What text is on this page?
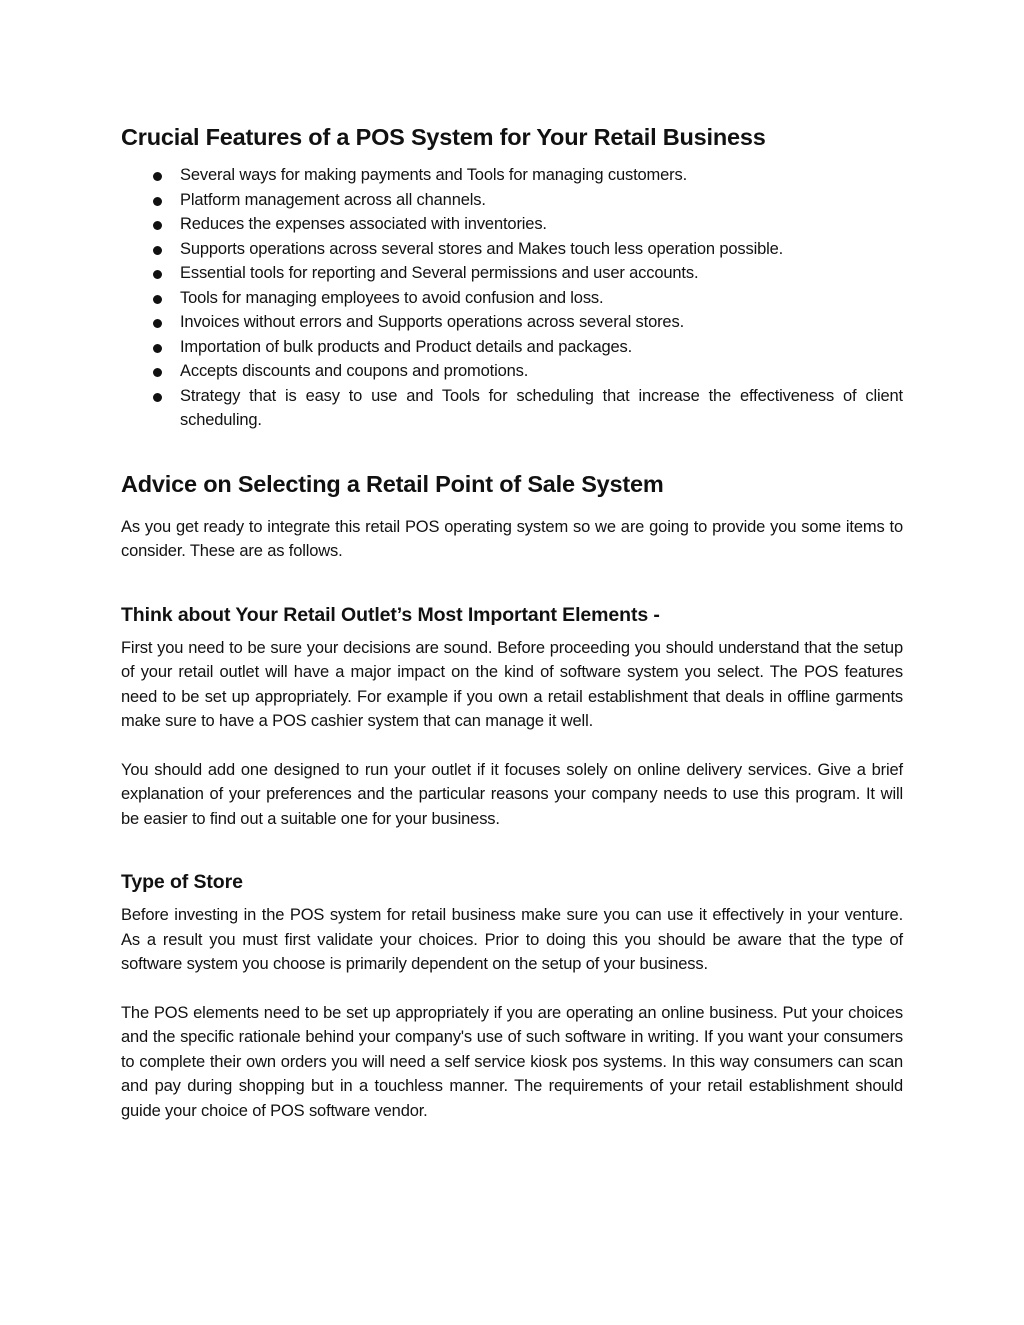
Crucial Features of a POS System for Your Retail Business
Several ways for making payments and Tools for managing customers.
Platform management across all channels.
Reduces the expenses associated with inventories.
Supports operations across several stores and Makes touch less operation possible.
Essential tools for reporting and Several permissions and user accounts.
Tools for managing employees to avoid confusion and loss.
Invoices without errors and Supports operations across several stores.
Importation of bulk products and Product details and packages.
Accepts discounts and coupons and promotions.
Strategy that is easy to use and Tools for scheduling that increase the effectiveness of client scheduling.
Advice on Selecting a Retail Point of Sale System

As you get ready to integrate this retail POS operating system so we are going to provide you some items to consider. These are as follows.

Think about Your Retail Outlet’s Most Important Elements -

First you need to be sure your decisions are sound. Before proceeding you should understand that the setup of your retail outlet will have a major impact on the kind of software system you select. The POS features need to be set up appropriately. For example if you own a retail establishment that deals in offline garments make sure to have a POS cashier system that can manage it well.

You should add one designed to run your outlet if it focuses solely on online delivery services. Give a brief explanation of your preferences and the particular reasons your company needs to use this program. It will be easier to find out a suitable one for your business.

Type of Store

Before investing in the POS system for retail business make sure you can use it effectively in your venture. As a result you must first validate your choices. Prior to doing this you should be aware that the type of software system you choose is primarily dependent on the setup of your business.

The POS elements need to be set up appropriately if you are operating an online business. Put your choices and the specific rationale behind your company's use of such software in writing. If you want your consumers to complete their own orders you will need a self service kiosk pos systems. In this way consumers can scan and pay during shopping but in a touchless manner. The requirements of your retail establishment should guide your choice of POS software vendor.
